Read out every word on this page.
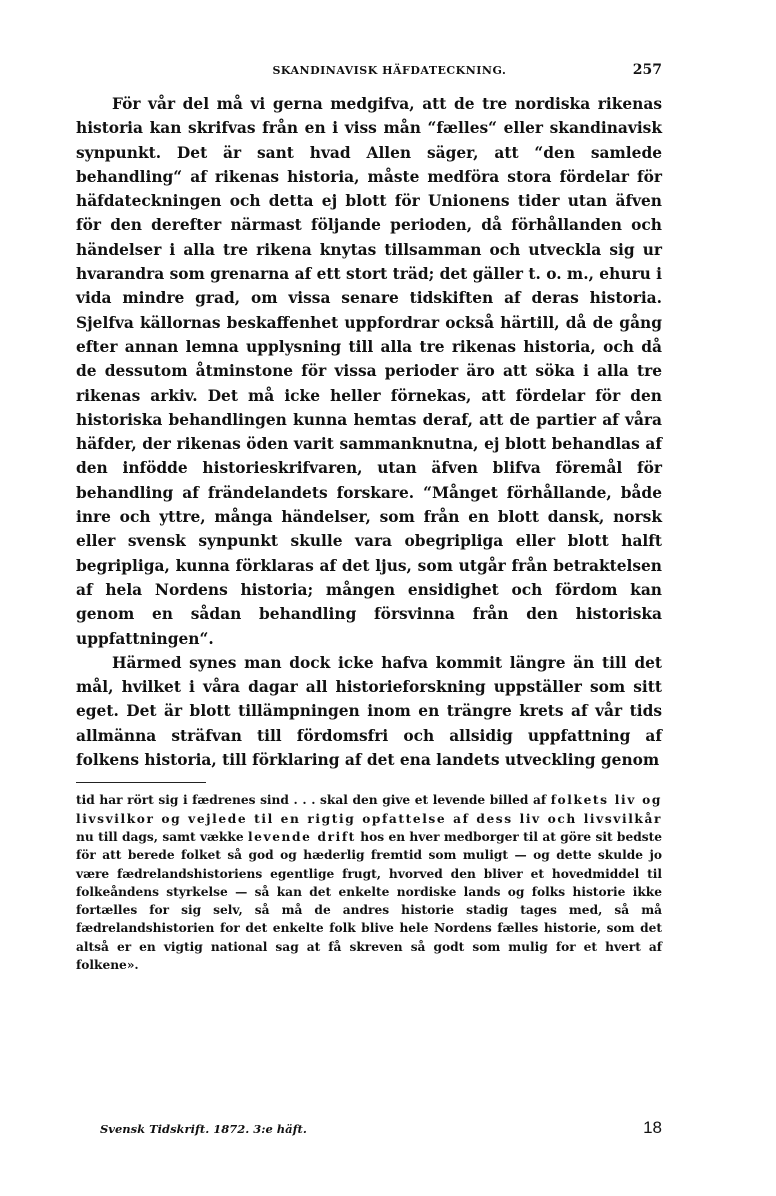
SKANDINAVISK HÄFDATECKNING.	257

För vår del må vi gerna medgifva, att de tre nordiska rikenas historia kan skrifvas från en i viss mån “fælles“ eller skandinavisk synpunkt. Det är sant hvad Allen säger, att “den samlede behandling“ af rikenas historia, måste medföra stora fördelar för häfdateckningen och detta ej blott för Unionens tider utan äfven för den derefter närmast följande perioden, då förhållanden och händelser i alla tre rikena knytas tillsamman och utveckla sig ur hvarandra som grenarna af ett stort träd; det gäller t. o. m., ehuru i vida mindre grad, om vissa senare tidskiften af deras historia. Sjelfva källornas beskaffenhet uppfordrar också härtill, då de gång efter annan lemna upplysning till alla tre rikenas historia, och då de dessutom åtminstone för vissa perioder äro att söka i alla tre rikenas arkiv. Det må icke heller förnekas, att fördelar för den historiska behandlingen kunna hemtas deraf, att de partier af våra häfder, der rikenas öden varit sammanknutna, ej blott behandlas af den infödde historieskrifvaren, utan äfven blifva föremål för behandling af frändelandets forskare. “Månget förhållande, både inre och yttre, många händelser, som från en blott dansk, norsk eller svensk synpunkt skulle vara obegripliga eller blott halft begripliga, kunna förklaras af det ljus, som utgår från betraktelsen af hela Nordens historia; mången ensidighet och fördom kan genom en sådan behandling försvinna från den historiska uppfattningen“.

Härmed synes man dock icke hafva kommit längre än till det mål, hvilket i våra dagar all historieforskning uppställer som sitt eget. Det är blott tillämpningen inom en trängre krets af vår tids allmänna sträfvan till fördomsfri och allsidig uppfattning af folkens historia, till förklaring af det ena landets utveckling genom

tid har rört sig i fædrenes sind . . . skal den give et levende billed af folkets liv og livsvilkor og vejlede til en rigtig opfattelse af dess liv och livsvilkår nu till dags, samt vække levende drift hos en hver medborger til at göre sit bedste för att berede folket så god og hæderlig fremtid som muligt — og dette skulde jo være fædrelandshistoriens egentlige frugt, hvorved den bliver et hovedmiddel til folkeåndens styrkelse — så kan det enkelte nordiske lands og folks historie ikke fortælles for sig selv, så må de andres historie stadig tages med, så må fædrelandshistorien for det enkelte folk blive hele Nordens fælles historie, som det altså er en vigtig national sag at få skreven så godt som mulig for et hvert af folkene».
Svensk Tidskrift. 1872. 3:e häft.	18
